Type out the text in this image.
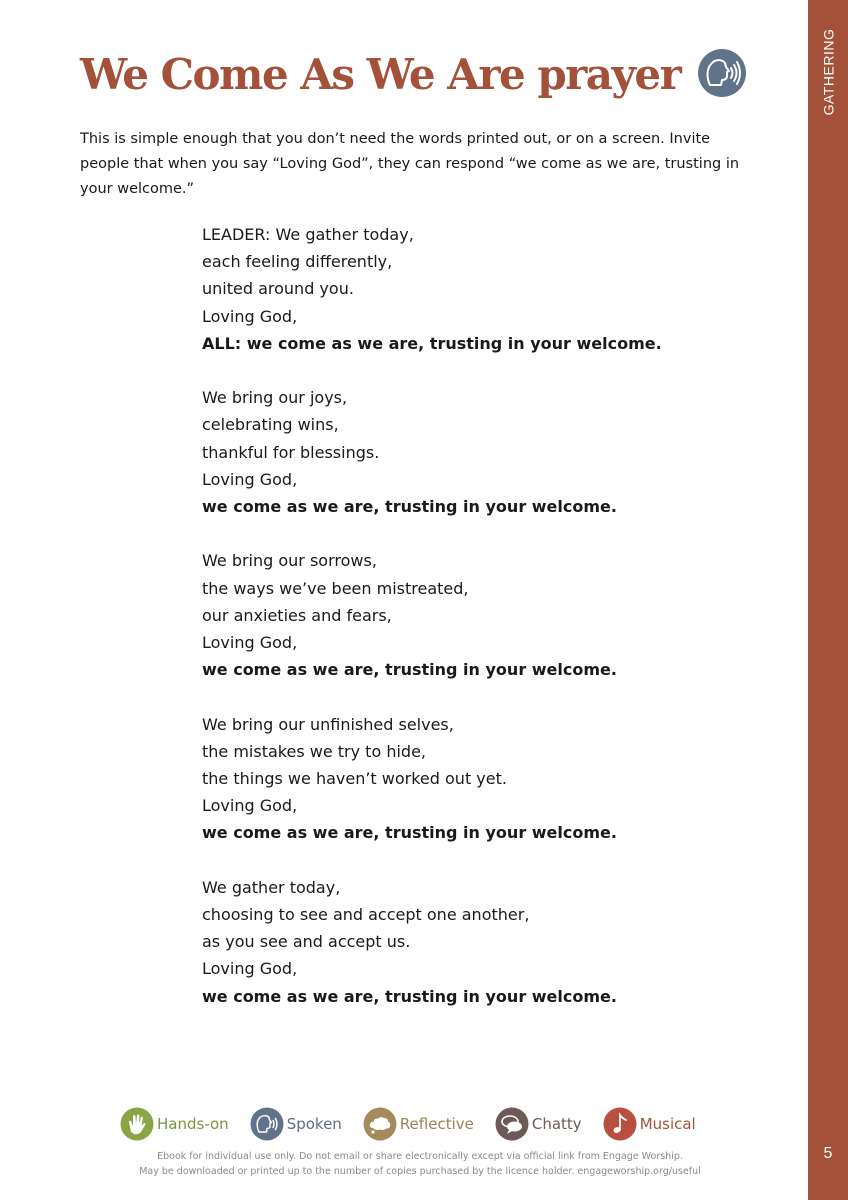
GATHERING
5
We Come As We Are prayer

This is simple enough that you don’t need the words printed out, or on a screen. Invite people that when you say “Loving God”, they can respond “we come as we are, trusting in your welcome.”

LEADER: We gather today,
each feeling differently,
united around you.
Loving God,
ALL: we come as we are, trusting in your welcome.
We bring our joys,
celebrating wins,
thankful for blessings.
Loving God,
we come as we are, trusting in your welcome.
We bring our sorrows,
the ways we’ve been mistreated,
our anxieties and fears,
Loving God,
we come as we are, trusting in your welcome.
We bring our unfinished selves,
the mistakes we try to hide,
the things we haven’t worked out yet.
Loving God,
we come as we are, trusting in your welcome.
We gather today,
choosing to see and accept one another,
as you see and accept us.
Loving God,
we come as we are, trusting in your welcome.
Hands-on	Spoken	Reflective	Chatty	Musical
Ebook for individual use only. Do not email or share electronically except via official link from Engage Worship.
May be downloaded or printed up to the number of copies purchased by the licence holder. engageworship.org/useful
